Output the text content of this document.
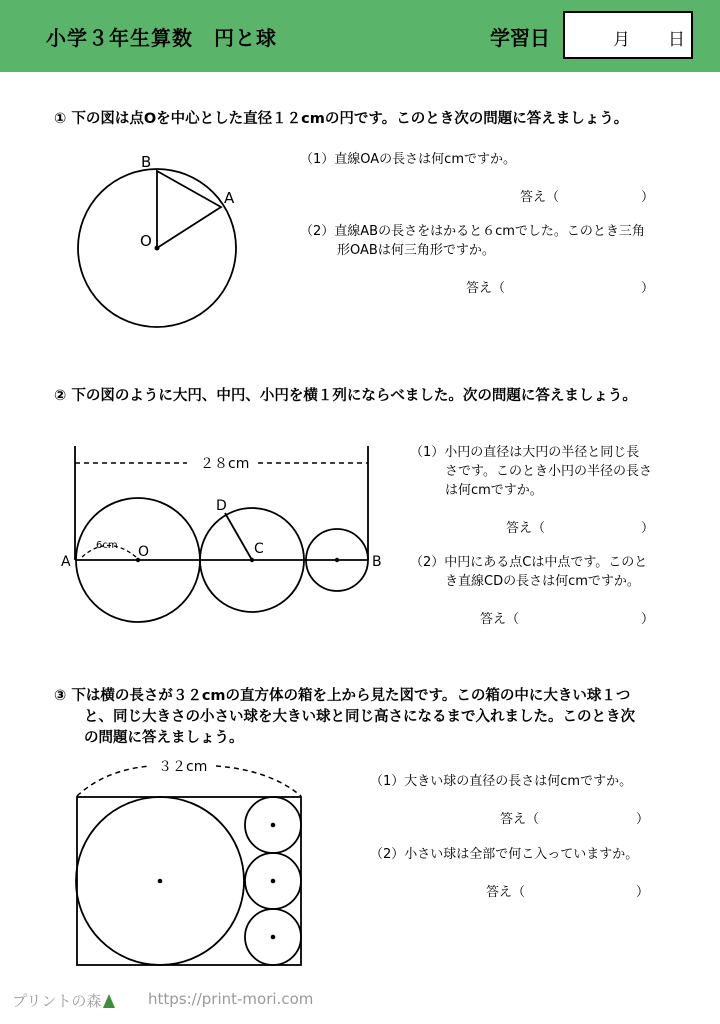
小学３年生算数　円と球	学習日	月 日
① 下の図は点Oを中心とした直径１２cmの円です。このとき次の問題に答えましょう。
B
A
O
２８cm
6cm
A
O
D
C
B
３２cm
（1）直線OAの長さは何cmですか。
答え（	）
（2）直線ABの長さをはかると６cmでした。このとき三角
形OABは何三角形ですか。
答え（	）
② 下の図のように大円、中円、小円を横１列にならべました。次の問題に答えましょう。
（1）小円の直径は大円の半径と同じ長
さです。このとき小円の半径の長さ
は何cmですか。
答え（	）
（2）中円にある点Cは中点です。このと
き直線CDの長さは何cmですか。
答え（	）
③ 下は横の長さが３２cmの直方体の箱を上から見た図です。この箱の中に大きい球１つ
と、同じ大きさの小さい球を大きい球と同じ高さになるまで入れました。このとき次
の問題に答えましょう。
（1）大きい球の直径の長さは何cmですか。
答え（	）
（2）小さい球は全部で何こ入っていますか。
答え（	）
プリントの森	https://print-mori.com
